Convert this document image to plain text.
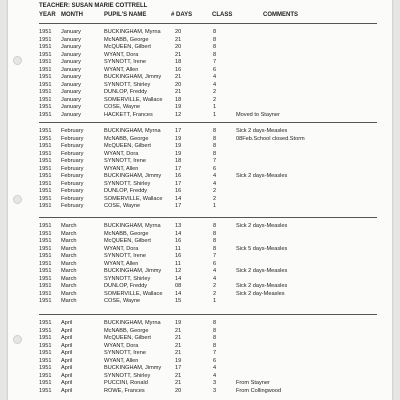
TEACHER: SUSAN MARIE COTTRELL
YEAR MONTH	PUPIL'S NAME	# DAYS	CLASS	COMMENTS
1951 January	BUCKINGHAM, Myrna	20	8
1951 January	McNABB, George	21	8
1951 January	McQUEEN, Gilbert	20	8
1951 January	WYANT, Dora	21	8
1951 January	SYNNOTT, Irene	18	7
1951 January	WYANT, Allen	16	6
1951 January	BUCKINGHAM, Jimmy 21	4
1951 January	SYNNOTT, Shirley	20	4
1951 January	DUNLOP, Freddy	21	2
1951 January	SOMERVILLE, Wallace 18	2
1951 January	COSE, Wayne	19	1
1951 January	HACKETT, Frances	12	1	Moved to Stayner
1951 February	BUCKINGHAM, Myrna	17	8	Sick 2 days-Measles
1951 February	McNABB, George	19	8	08Feb.School closed.Storm
1951 February	McQUEEN, Gilbert	19	8
1951 February	WYANT, Dora	19	8
1951 February	SYNNOTT, Irene	18	7
1951 February	WYANT, Allen	17	6
1951 February	BUCKINGHAM, Jimmy 16	4	Sick 2 days-Measles
1951 February	SYNNOTT, Shirley	17	4
1951 February	DUNLOP, Freddy	16	2
1951 February	SOMERVILLE, Wallace 14	2
1951 February	COSE, Wayne	17	1
1951 March	BUCKINGHAM, Myrna	13	8	Sick 2 days-Measles
1951 March	McNABB, George	14	8
1951 March	McQUEEN, Gilbert	16	8
1951 March	WYANT, Dora	11	8	Sick 5 days-Measles
1951 March	SYNNOTT, Irene	16	7
1951 March	WYANT, Allen	11	6
1951 March	BUCKINGHAM, Jimmy 12	4	Sick 2 days-Measles
1951 March	SYNNOTT, Shirley	14	4
1951 March	DUNLOP, Freddy	08	2	Sick 2 days-Measles
1951 March	SOMERVILLE, Wallace 14	2	Sick 2 day-Measles
1951 March	COSE, Wayne	15	1
1951 April	BUCKINGHAM, Myrna	19	8
1951 April	McNABB, George	21	8
1951 April	McQUEEN, Gilbert	21	8
1951 April	WYANT, Dora	21	8
1951 April	SYNNOTT, Irene	21	7
1951 April	WYANT, Allen	19	6
1951 April	BUCKINGHAM, Jimmy 17	4
1951 April	SYNNOTT, Shirley	21	4
1951 April	PUCCINI, Ronald	21	3	From Stayner
1951 April	ROWE, Frances	20	3	From Collingwood
